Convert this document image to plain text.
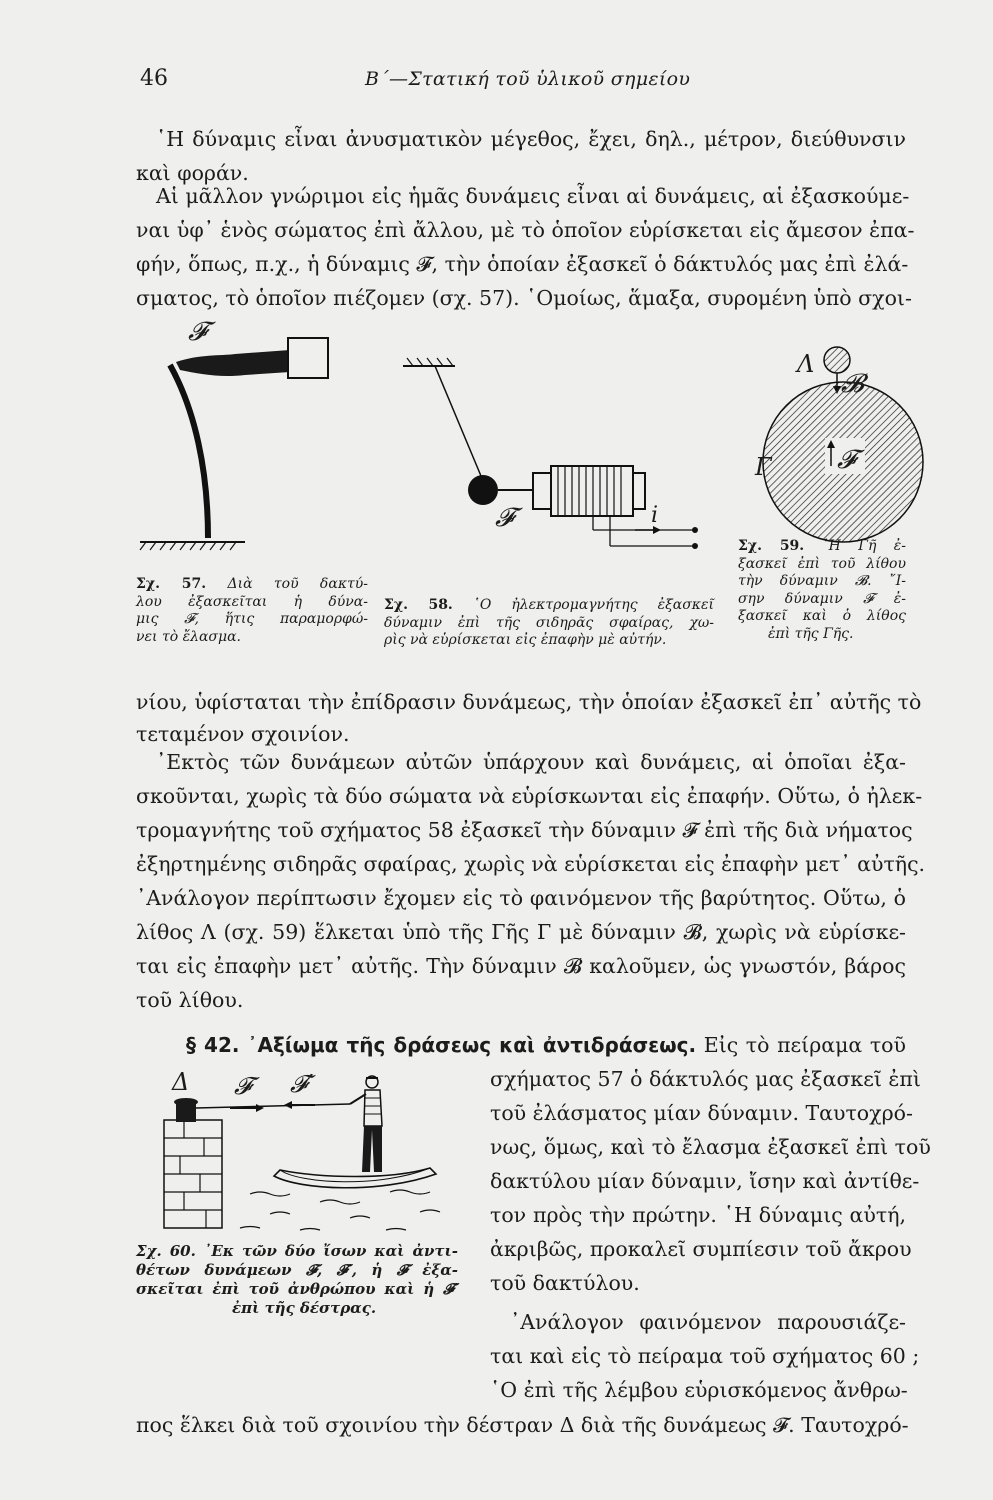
46	Β΄—Στατική τοῦ ὑλικοῦ σημείου
῾Η δύναμις εἶναι ἀνυσματικὸν μέγεθος, ἔχει, δηλ., μέτρον, διεύθυνσιν
καὶ φοράν.
Αἱ μᾶλλον γνώριμοι εἰς ἡμᾶς δυνάμεις εἶναι αἱ δυνάμεις, αἱ ἐξασκούμε-
ναι ὑφ᾿ ἑνὸς σώματος ἐπὶ ἄλλου, μὲ τὸ ὁποῖον εὑρίσκεται εἰς ἄμεσον ἐπα-
φήν, ὅπως, π.χ., ἡ δύναμις 𝓕, τὴν ὁποίαν ἐξασκεῖ ὁ δάκτυλός μας ἐπὶ ἐλά-
σματος, τὸ ὁποῖον πιέζομεν (σχ. 57). ῾Ομοίως, ἅμαξα, συρομένη ὑπὸ σχοι-
𝓕
𝓕	i
Λ
𝓑
𝓕
Γ
Σχ. 57. Διὰ τοῦ δακτύ-
λου ἐξασκεῖται ἡ δύνα-
μις 𝓕, ἥτις παραμορφώ-
νει τὸ ἔλασμα.
Σχ. 58. ῾Ο ἠλεκτρομαγνήτης ἐξασκεῖ
δύναμιν ἐπὶ τῆς σιδηρᾶς σφαίρας, χω-
ρὶς νὰ εὑρίσκεται εἰς ἐπαφὴν μὲ αὐτήν.
Σχ. 59. ῾Η Γῆ ἐ-
ξασκεῖ ἐπὶ τοῦ λίθου
τὴν δύναμιν 𝓑. ῎Ι-
σην δύναμιν 𝓕 ἐ-
ξασκεῖ καὶ ὁ λίθος
ἐπὶ τῆς Γῆς.
νίου, ὑφίσταται τὴν ἐπίδρασιν δυνάμεως, τὴν ὁποίαν ἐξασκεῖ ἐπ᾿ αὐτῆς τὸ
τεταμένον σχοινίον.
᾿Εκτὸς τῶν δυνάμεων αὐτῶν ὑπάρχουν καὶ δυνάμεις, αἱ ὁποῖαι ἐξα-
σκοῦνται, χωρὶς τὰ δύο σώματα νὰ εὑρίσκωνται εἰς ἐπαφήν. Οὕτω, ὁ ἠλεκ-
τρομαγνήτης τοῦ σχήματος 58 ἐξασκεῖ τὴν δύναμιν 𝓕 ἐπὶ τῆς διὰ νήματος
ἐξηρτημένης σιδηρᾶς σφαίρας, χωρὶς νὰ εὑρίσκεται εἰς ἐπαφὴν μετ᾿ αὐτῆς.
᾿Ανάλογον περίπτωσιν ἔχομεν εἰς τὸ φαινόμενον τῆς βαρύτητος. Οὕτω, ὁ
λίθος Λ (σχ. 59) ἕλκεται ὑπὸ τῆς Γῆς Γ μὲ δύναμιν 𝓑, χωρὶς νὰ εὑρίσκε-
ται εἰς ἐπαφὴν μετ᾿ αὐτῆς. Τὴν δύναμιν 𝓑 καλοῦμεν, ὡς γνωστόν, βάρος
τοῦ λίθου.
§ 42. ᾿Αξίωμα τῆς δράσεως καὶ ἀντιδράσεως. Εἰς τὸ πείραμα τοῦ
σχήματος 57 ὁ δάκτυλός μας ἐξασκεῖ ἐπὶ
τοῦ ἐλάσματος μίαν δύναμιν. Ταυτοχρό-
νως, ὅμως, καὶ τὸ ἔλασμα ἐξασκεῖ ἐπὶ τοῦ
δακτύλου μίαν δύναμιν, ἴσην καὶ ἀντίθε-
τον πρὸς τὴν πρώτην. ῾Η δύναμις αὐτή,
ἀκριβῶς, προκαλεῖ συμπίεσιν τοῦ ἄκρου
τοῦ δακτύλου.
᾿Ανάλογον φαινόμενον παρουσιάζε-
ται καὶ εἰς τὸ πείραμα τοῦ σχήματος 60 ;
῾Ο ἐπὶ τῆς λέμβου εὑρισκόμενος ἄνθρω-
Δ 𝓕	𝓕′
Σχ. 60. ᾿Εκ τῶν δύο ἴσων καὶ ἀντι-
θέτων δυνάμεων 𝓕, 𝓕′, ἡ 𝓕 ἐξα-
σκεῖται ἐπὶ τοῦ ἀνθρώπου καὶ ἡ 𝓕′
ἐπὶ τῆς δέστρας.
πος ἕλκει διὰ τοῦ σχοινίου τὴν δέστραν Δ διὰ τῆς δυνάμεως 𝓕. Ταυτοχρό-
